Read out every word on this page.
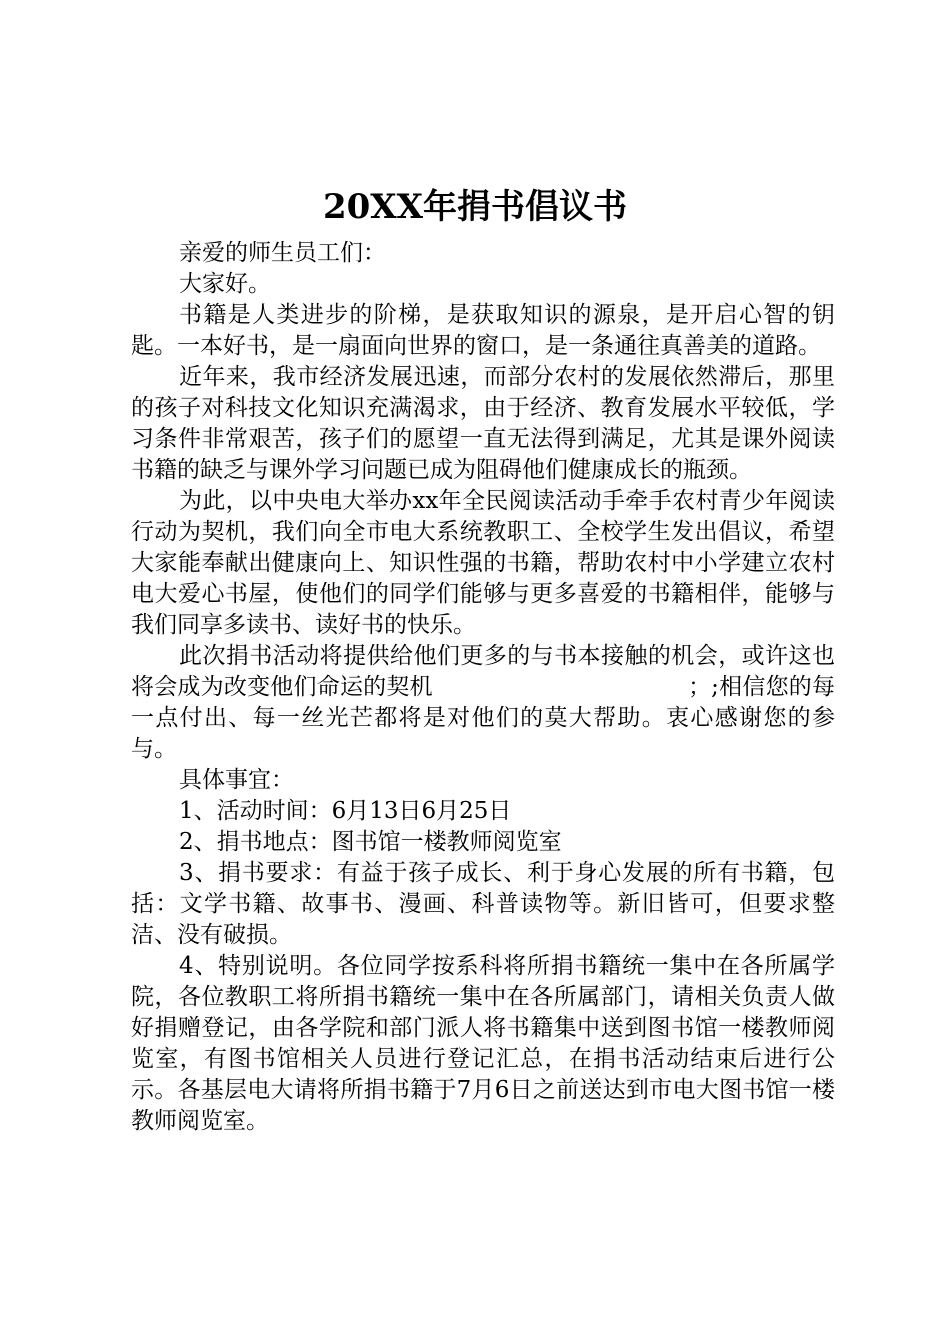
20XX年捐书倡议书

亲爱的师生员工们：

大家好。

书籍是人类进步的阶梯，是获取知识的源泉，是开启心智的钥匙。一本好书，是一扇面向世界的窗口，是一条通往真善美的道路。

近年来，我市经济发展迅速，而部分农村的发展依然滞后，那里的孩子对科技文化知识充满渴求，由于经济、教育发展水平较低，学习条件非常艰苦，孩子们的愿望一直无法得到满足，尤其是课外阅读书籍的缺乏与课外学习问题已成为阻碍他们健康成长的瓶颈。

为此，以中央电大举办xx年全民阅读活动手牵手农村青少年阅读行动为契机，我们向全市电大系统教职工、全校学生发出倡议，希望大家能奉献出健康向上、知识性强的书籍，帮助农村中小学建立农村电大爱心书屋，使他们的同学们能够与更多喜爱的书籍相伴，能够与我们同享多读书、读好书的快乐。

此次捐书活动将提供给他们更多的与书本接触的机会，或许这也将会成为改变他们命运的契机　　　　　　　　　　　；;相信您的每一点付出、每一丝光芒都将是对他们的莫大帮助。衷心感谢您的参与。

具体事宜：

1、活动时间：6月13日6月25日

2、捐书地点：图书馆一楼教师阅览室

3、捐书要求：有益于孩子成长、利于身心发展的所有书籍，包括：文学书籍、故事书、漫画、科普读物等。新旧皆可，但要求整洁、没有破损。

4、特别说明。各位同学按系科将所捐书籍统一集中在各所属学院，各位教职工将所捐书籍统一集中在各所属部门，请相关负责人做好捐赠登记，由各学院和部门派人将书籍集中送到图书馆一楼教师阅览室，有图书馆相关人员进行登记汇总，在捐书活动结束后进行公示。各基层电大请将所捐书籍于7月6日之前送达到市电大图书馆一楼教师阅览室。
